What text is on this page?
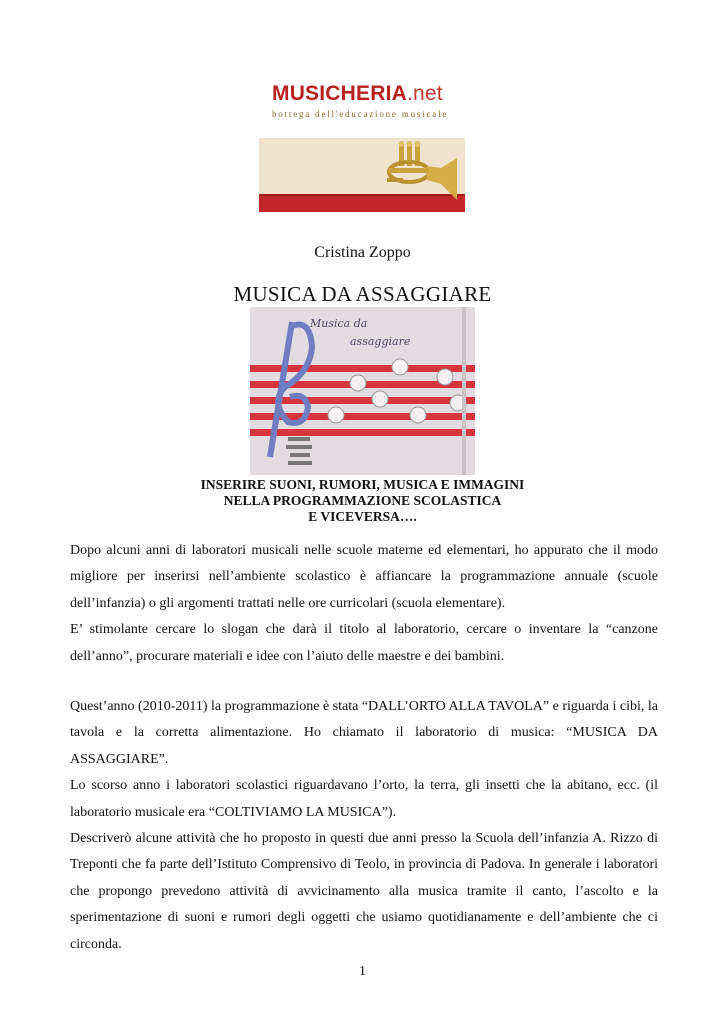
MUSICHERIA.net
bottega dell'educazione musicale
Cristina Zoppo
MUSICA DA ASSAGGIARE
Musica da
assaggiare
INSERIRE SUONI, RUMORI, MUSICA E IMMAGINI
NELLA PROGRAMMAZIONE SCOLASTICA
E VICEVERSA….

Dopo alcuni anni di laboratori musicali nelle scuole materne ed elementari, ho appurato che il modo migliore per inserirsi nell’ambiente scolastico è affiancare la programmazione annuale (scuole dell’infanzia) o gli argomenti trattati nelle ore curricolari (scuola elementare).

E’ stimolante cercare lo slogan che darà il titolo al laboratorio, cercare o inventare la “canzone dell’anno”, procurare materiali e idee con l’aiuto delle maestre e dei bambini.

Quest’anno (2010-2011) la programmazione è stata “DALL’ORTO ALLA TAVOLA” e riguarda i cibi, la tavola e la corretta alimentazione. Ho chiamato il laboratorio di musica: “MUSICA DA ASSAGGIARE”.

Lo scorso anno i laboratori scolastici riguardavano l’orto, la terra, gli insetti che la abitano, ecc. (il laboratorio musicale era “COLTIVIAMO LA MUSICA”).

Descriverò alcune attività che ho proposto in questi due anni presso la Scuola dell’infanzia A. Rizzo di Treponti che fa parte dell’Istituto Comprensivo di Teolo, in provincia di Padova. In generale i laboratori che propongo prevedono attività di avvicinamento alla musica tramite il canto, l’ascolto e la sperimentazione di suoni e rumori degli oggetti che usiamo quotidianamente e dell’ambiente che ci circonda.

1
